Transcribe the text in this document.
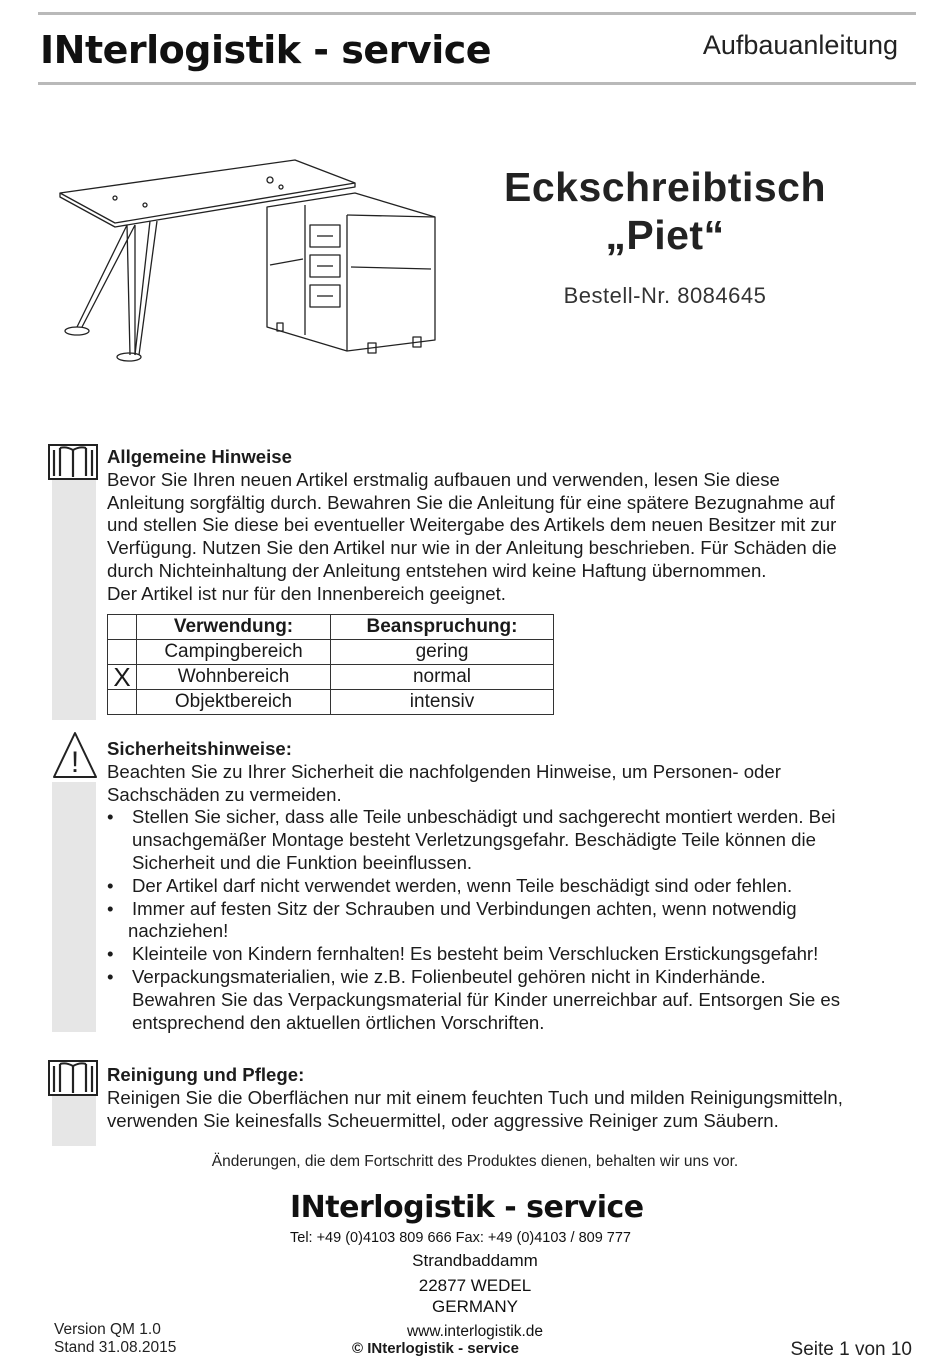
INterlogistik - service	Aufbauanleitung
Eckschreibtisch
„Piet“
Bestell-Nr. 8084645
Allgemeine Hinweise

Bevor Sie Ihren neuen Artikel erstmalig aufbauen und verwenden, lesen Sie diese

Anleitung sorgfältig durch. Bewahren Sie die Anleitung für eine spätere Bezugnahme auf

und stellen Sie diese bei eventueller Weitergabe des Artikels dem neuen Besitzer mit zur

Verfügung. Nutzen Sie den Artikel nur wie in der Anleitung beschrieben. Für Schäden die

durch Nichteinhaltung der Anleitung entstehen wird keine Haftung übernommen.

Der Artikel ist nur für den Innenbereich geeignet.

	Verwendung:	Beanspruchung:
	Campingbereich	gering
X	Wohnbereich	normal
	Objektbereich	intensiv
! Sicherheitshinweise:

Beachten Sie zu Ihrer Sicherheit die nachfolgenden Hinweise, um Personen- oder

Sachschäden zu vermeiden.

• Stellen Sie sicher, dass alle Teile unbeschädigt und sachgerecht montiert werden. Bei
unsachgemäßer Montage besteht Verletzungsgefahr. Beschädigte Teile können die
Sicherheit und die Funktion beeinflussen.
• Der Artikel darf nicht verwendet werden, wenn Teile beschädigt sind oder fehlen.
• Immer auf festen Sitz der Schrauben und Verbindungen achten, wenn notwendig
nachziehen!
• Kleinteile von Kindern fernhalten! Es besteht beim Verschlucken Erstickungsgefahr!
• Verpackungsmaterialien, wie z.B. Folienbeutel gehören nicht in Kinderhände.
Bewahren Sie das Verpackungsmaterial für Kinder unerreichbar auf. Entsorgen Sie es
entsprechend den aktuellen örtlichen Vorschriften.
Reinigung und Pflege:

Reinigen Sie die Oberflächen nur mit einem feuchten Tuch und milden Reinigungsmitteln,

verwenden Sie keinesfalls Scheuermittel, oder aggressive Reiniger zum Säubern.

Änderungen, die dem Fortschritt des Produktes dienen, behalten wir uns vor.
INterlogistik - service
Tel: +49 (0)4103 809 666 Fax: +49 (0)4103 / 809 777
Strandbaddamm
22877 WEDEL
GERMANY
www.interlogistik.de
© INterlogistik - service
Version QM 1.0
Stand 31.08.2015	Seite 1 von 10
